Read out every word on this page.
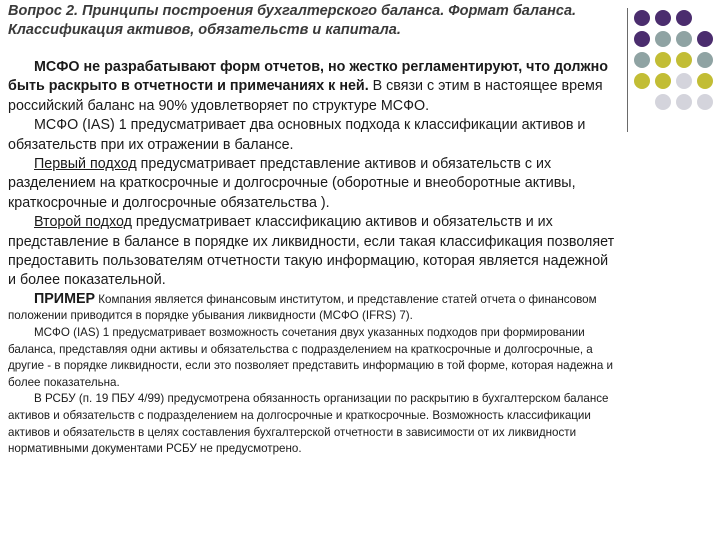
Вопрос 2. Принципы построения бухгалтерского баланса. Формат баланса. Классификация активов, обязательств и капитала.

МСФО не разрабатывают форм отчетов, но жестко регламентируют, что должно быть раскрыто в отчетности и примечаниях к ней. В связи с этим в настоящее время российский баланс на 90% удовлетворяет по структуре МСФО.

МСФО (IAS) 1 предусматривает два основных подхода к классификации активов и обязательств при их отражении в балансе.

Первый подход предусматривает представление активов и обязательств с их разделением на краткосрочные и долгосрочные (оборотные и внеоборотные активы, краткосрочные и долгосрочные обязательства ).

Второй подход предусматривает классификацию активов и обязательств и их представление в балансе в порядке их ликвидности, если такая классификация позволяет предоставить пользователям отчетности такую информацию, которая является надежной и более показательной.

ПРИМЕР Компания является финансовым институтом, и представление статей отчета о финансовом положении приводится в порядке убывания ликвидности (МСФО (IFRS) 7).

МСФО (IAS) 1 предусматривает возможность сочетания двух указанных подходов при формировании баланса, представляя одни активы и обязательства с подразделением на краткосрочные и долгосрочные, а другие - в порядке ликвидности, если это позволяет представить информацию в той форме, которая надежна и более показательна.

В РСБУ (п. 19 ПБУ 4/99) предусмотрена обязанность организации по раскрытию в бухгалтерском балансе активов и обязательств с подразделением на долгосрочные и краткосрочные. Возможность классификации активов и обязательств в целях составления бухгалтерской отчетности в зависимости от их ликвидности нормативными документами РСБУ не предусмотрено.
